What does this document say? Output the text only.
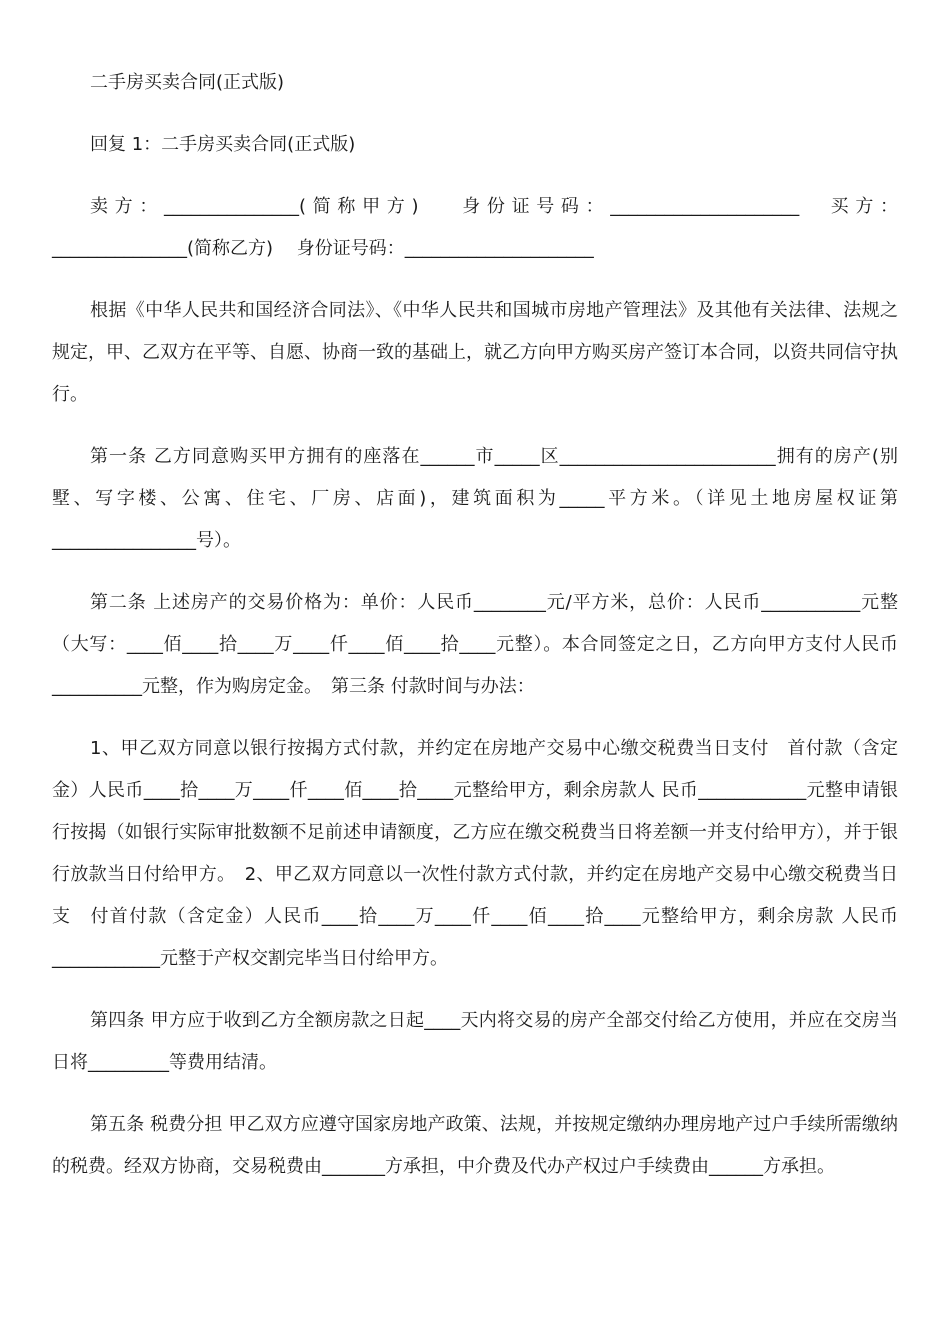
二手房买卖合同(正式版)

回复 1：二手房买卖合同(正式版)

卖方：_______________(简称甲方)　 身份证号码：_____________________　买方：_______________(简称乙方)　 身份证号码：_____________________

根据《中华人民共和国经济合同法》、《中华人民共和国城市房地产管理法》及其他有关法律、法规之规定，甲、乙双方在平等、自愿、协商一致的基础上，就乙方向甲方购买房产签订本合同，以资共同信守执行。

第一条 乙方同意购买甲方拥有的座落在______市_____区________________________拥有的房产(别墅、写字楼、公寓、住宅、厂房、店面)，建筑面积为_____平方米。（详见土地房屋权证第________________号）。

第二条 上述房产的交易价格为：单价：人民币________元/平方米，总价：人民币___________元整（大写：____佰____拾____万____仟____佰____拾____元整）。本合同签定之日，乙方向甲方支付人民币 __________元整，作为购房定金。　第三条 付款时间与办法：

1、甲乙双方同意以银行按揭方式付款，并约定在房地产交易中心缴交税费当日支付　首付款（含定金）人民币____拾____万____仟____佰____拾____元整给甲方，剩余房款人 民币____________元整申请银行按揭（如银行实际审批数额不足前述申请额度，乙方应在缴交税费当日将差额一并支付给甲方），并于银行放款当日付给甲方。　2、甲乙双方同意以一次性付款方式付款，并约定在房地产交易中心缴交税费当日支　付首付款（含定金）人民币____拾____万____仟____佰____拾____元整给甲方，剩余房款 人民币____________元整于产权交割完毕当日付给甲方。

第四条 甲方应于收到乙方全额房款之日起____天内将交易的房产全部交付给乙方使用，并应在交房当日将_________等费用结清。

第五条 税费分担 甲乙双方应遵守国家房地产政策、法规，并按规定缴纳办理房地产过户手续所需缴纳的税费。经双方协商，交易税费由_______方承担，中介费及代办产权过户手续费由______方承担。
